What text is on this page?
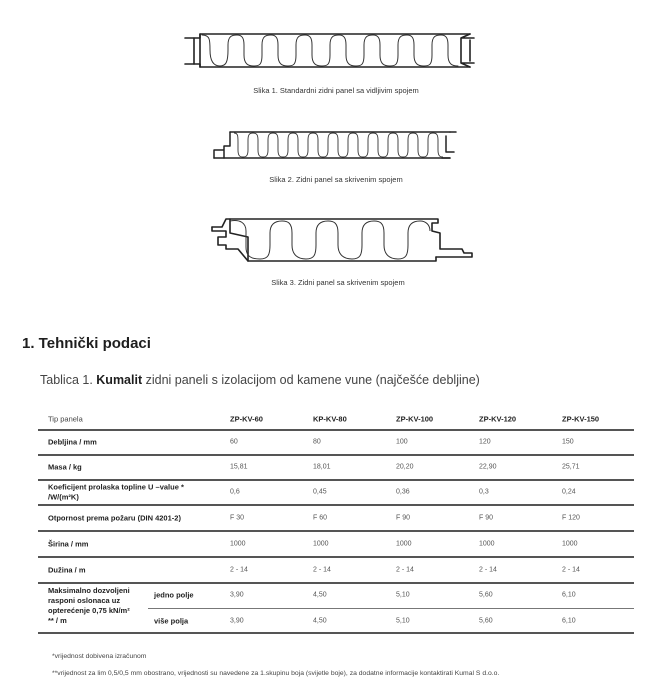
Slika 1. Standardni zidni panel sa vidljivim spojem
Slika 2. Zidni panel sa skrivenim spojem
Slika 3. Zidni panel sa skrivenim spojem
1. Tehnički podaci
Tablica 1. Kumalit zidni paneli s izolacijom od kamene vune (najčešće debljine)
Tip panela	ZP-KV-60	KP-KV-80	ZP-KV-100	ZP-KV-120	ZP-KV-150
Debljina / mm	60	80	100	120	150
Masa / kg	15,81	18,01	20,20	22,90	25,71
Koeficijent prolaska topline U –value *
/W/(m²K)	0,6	0,45	0,36	0,3	0,24
Otpornost prema požaru (DIN 4201-2)	F 30	F 60	F 90	F 90	F 120
Širina / mm	1000	1000	1000	1000	1000
Dužina / m	2 - 14	2 - 14	2 - 14	2 - 14	2 - 14
Maksimalno dozvoljeni
rasponi oslonaca uz
opterećenje 0,75 kN/m²
** / m
jedno polje	3,90	4,50	5,10	5,60	6,10
više polja	3,90	4,50	5,10	5,60	6,10
*vrijednost dobivena izračunom
**vrijednost za lim 0,5/0,5 mm obostrano, vrijednosti su navedene za 1.skupinu boja (svijetle boje), za dodatne informacije kontaktirati Kumal S d.o.o.
